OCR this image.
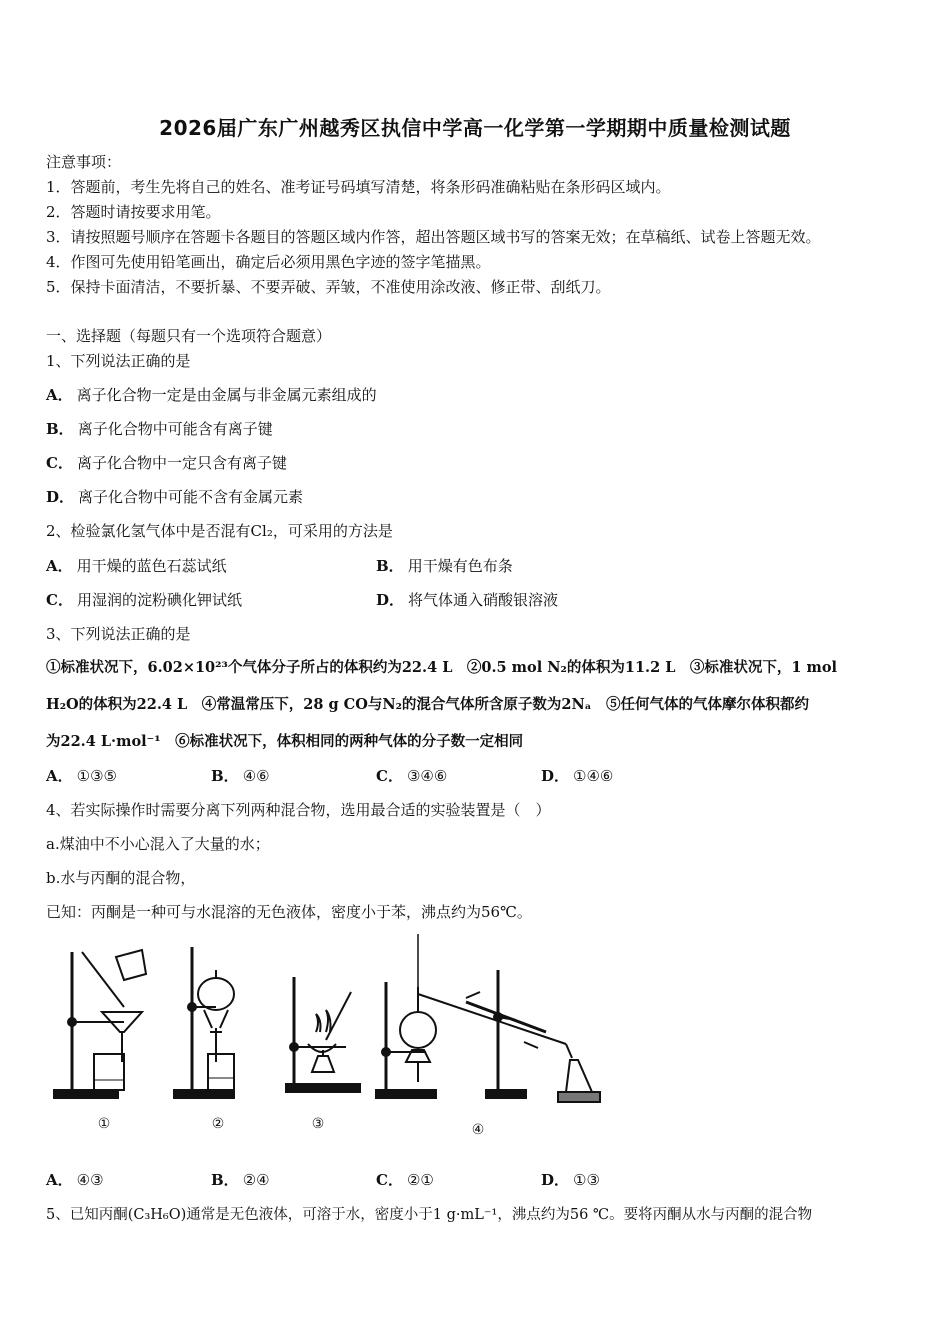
2026届广东广州越秀区执信中学高一化学第一学期期中质量检测试题
注意事项：
1．答题前，考生先将自己的姓名、准考证号码填写清楚，将条形码准确粘贴在条形码区域内。
2．答题时请按要求用笔。
3．请按照题号顺序在答题卡各题目的答题区域内作答，超出答题区域书写的答案无效；在草稿纸、试卷上答题无效。
4．作图可先使用铅笔画出，确定后必须用黑色字迹的签字笔描黑。
5．保持卡面清洁，不要折暴、不要弄破、弄皱，不准使用涂改液、修正带、刮纸刀。
一、选择题（每题只有一个选项符合题意）
1、下列说法正确的是
A． 离子化合物一定是由金属与非金属元素组成的
B． 离子化合物中可能含有离子键
C． 离子化合物中一定只含有离子键
D． 离子化合物中可能不含有金属元素
2、检验氯化氢气体中是否混有Cl₂，可采用的方法是
A． 用干燥的蓝色石蕊试纸	B． 用干燥有色布条
C． 用湿润的淀粉碘化钾试纸	D． 将气体通入硝酸银溶液
3、下列说法正确的是
①标准状况下，6.02×10²³个气体分子所占的体积约为22.4 L　②0.5 mol N₂的体积为11.2 L　③标准状况下，1 mol
H₂O的体积为22.4 L　④常温常压下，28 g CO与N₂的混合气体所含原子数为2Nₐ　⑤任何气体的气体摩尔体积都约
为22.4 L·mol⁻¹　⑥标准状况下，体积相同的两种气体的分子数一定相同
A． ①③⑤	B． ④⑥	C． ③④⑥	D． ①④⑥
4、若实际操作时需要分离下列两种混合物，选用最合适的实验装置是（　）
a.煤油中不小心混入了大量的水；
b.水与丙酮的混合物，
已知：丙酮是一种可与水混溶的无色液体，密度小于苯，沸点约为56℃。
①	②	③	④
A． ④③	B． ②④	C． ②①	D． ①③
5、已知丙酮(C₃H₆O)通常是无色液体，可溶于水，密度小于1 g·mL⁻¹，沸点约为56 ℃。要将丙酮从水与丙酮的混合物
